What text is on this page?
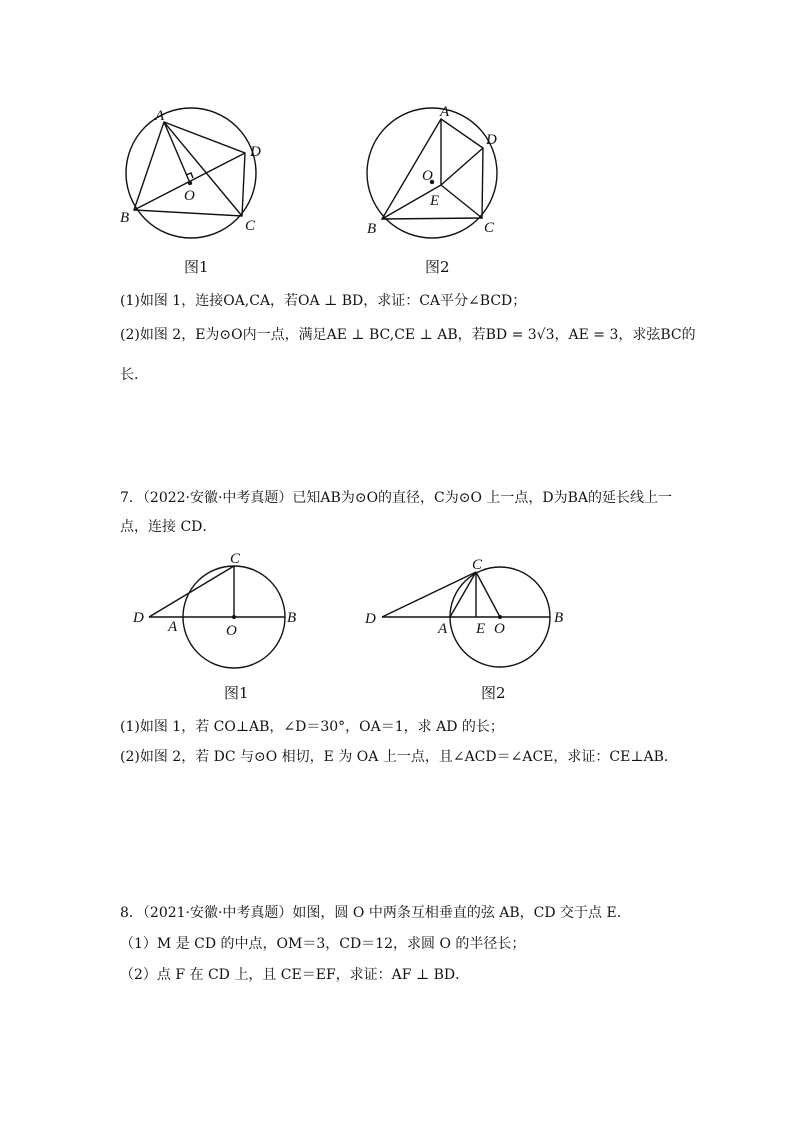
A
D
O
B	C
A
D
O
E
B	C
C
D
A	O
B
C
D
A E O
B
图1	图2
(1)如图 1，连接OA,CA，若OA ⊥ BD，求证：CA平分∠BCD；
(2)如图 2，E为⊙O内一点，满足AE ⊥ BC,CE ⊥ AB，若BD = 3√3，AE = 3，求弦BC的
长.
7．（2022·安徽·中考真题）已知AB为⊙O的直径，C为⊙O 上一点，D为BA的延长线上一
点，连接 CD．
图1	图2
(1)如图 1，若 CO⊥AB，∠D＝30°，OA＝1，求 AD 的长；
(2)如图 2，若 DC 与⊙O 相切，E 为 OA 上一点，且∠ACD＝∠ACE，求证：CE⊥AB．
8．（2021·安徽·中考真题）如图，圆 O 中两条互相垂直的弦 AB，CD 交于点 E．
（1）M 是 CD 的中点，OM＝3，CD＝12，求圆 O 的半径长；
（2）点 F 在 CD 上，且 CE＝EF，求证：AF ⊥ BD．
